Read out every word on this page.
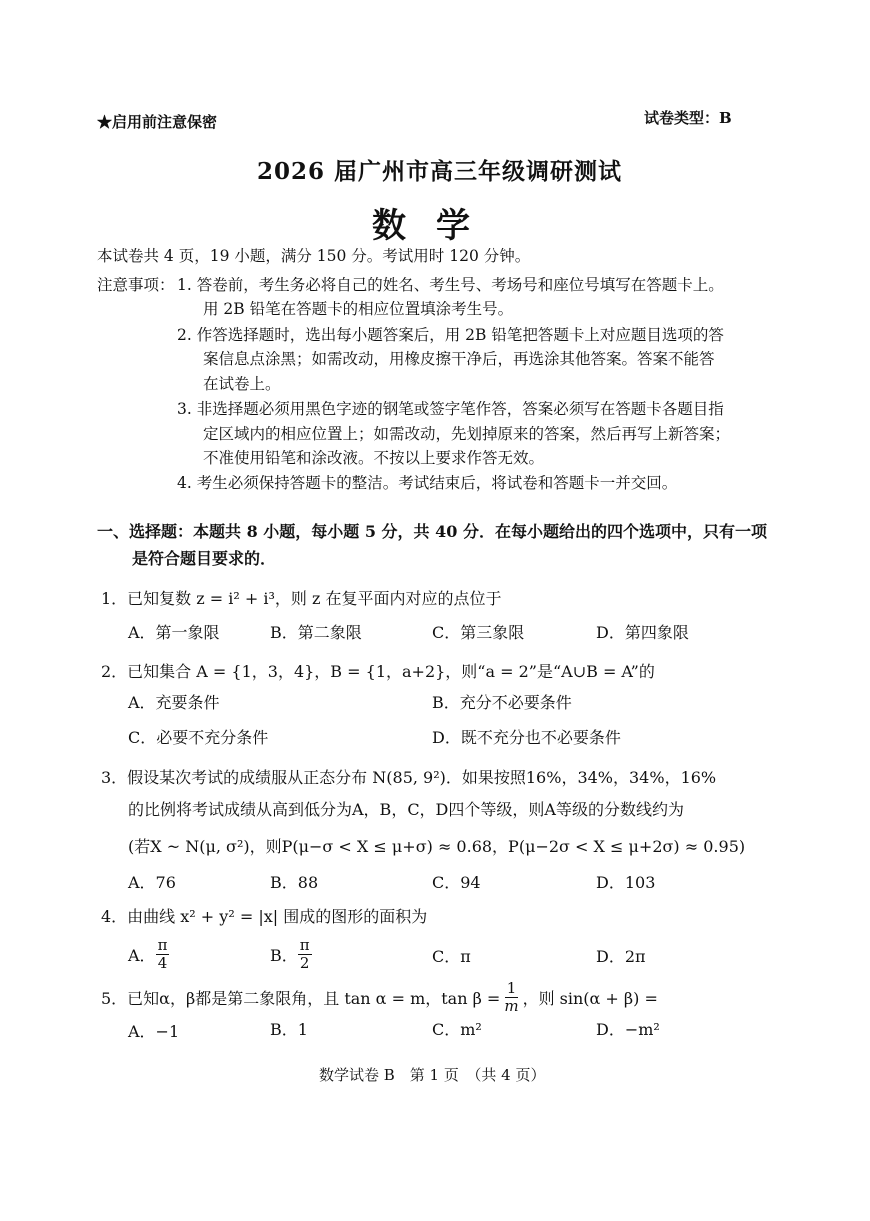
★启用前注意保密	试卷类型：B
2026 届广州市高三年级调研测试
数学
本试卷共 4 页，19 小题，满分 150 分。考试用时 120 分钟。
注意事项： 1. 答卷前，考生务必将自己的姓名、考生号、考场号和座位号填写在答题卡上。
用 2B 铅笔在答题卡的相应位置填涂考生号。
2. 作答选择题时，选出每小题答案后，用 2B 铅笔把答题卡上对应题目选项的答
案信息点涂黑；如需改动，用橡皮擦干净后，再选涂其他答案。答案不能答
在试卷上。
3. 非选择题必须用黑色字迹的钢笔或签字笔作答，答案必须写在答题卡各题目指
定区域内的相应位置上；如需改动，先划掉原来的答案，然后再写上新答案；
不准使用铅笔和涂改液。不按以上要求作答无效。
4. 考生必须保持答题卡的整洁。考试结束后，将试卷和答题卡一并交回。
一、选择题：本题共 8 小题，每小题 5 分，共 40 分．在每小题给出的四个选项中，只有一项
是符合题目要求的．
1．已知复数 z = i² + i³，则 z 在复平面内对应的点位于
A．第一象限	B．第二象限	C．第三象限	D．第四象限
2．已知集合 A = {1，3，4}，B = {1，a+2}，则“a = 2”是“A∪B = A”的
A．充要条件	B．充分不必要条件
C．必要不充分条件	D．既不充分也不必要条件
3．假设某次考试的成绩服从正态分布 N(85, 9²)．如果按照16%，34%，34%，16%
的比例将考试成绩从高到低分为A，B，C，D四个等级，则A等级的分数线约为
(若X ~ N(μ, σ²)，则P(μ−σ < X ≤ μ+σ) ≈ 0.68，P(μ−2σ < X ≤ μ+2σ) ≈ 0.95)
A．76	B．88	C．94	D．103
4．由曲线 x² + y² = |x| 围成的图形的面积为
A． $\frac{\pi}{4}$	B． $\frac{\pi}{2}$	C．π	D．2π
5．已知α，β都是第二象限角，且 tan α = m，$\tan \beta = \frac{1}{m}$ ，则 sin(α + β) =
A．−1	B．1	C．m²	D．−m²
数学试卷 B　第 1 页　（共 4 页）
